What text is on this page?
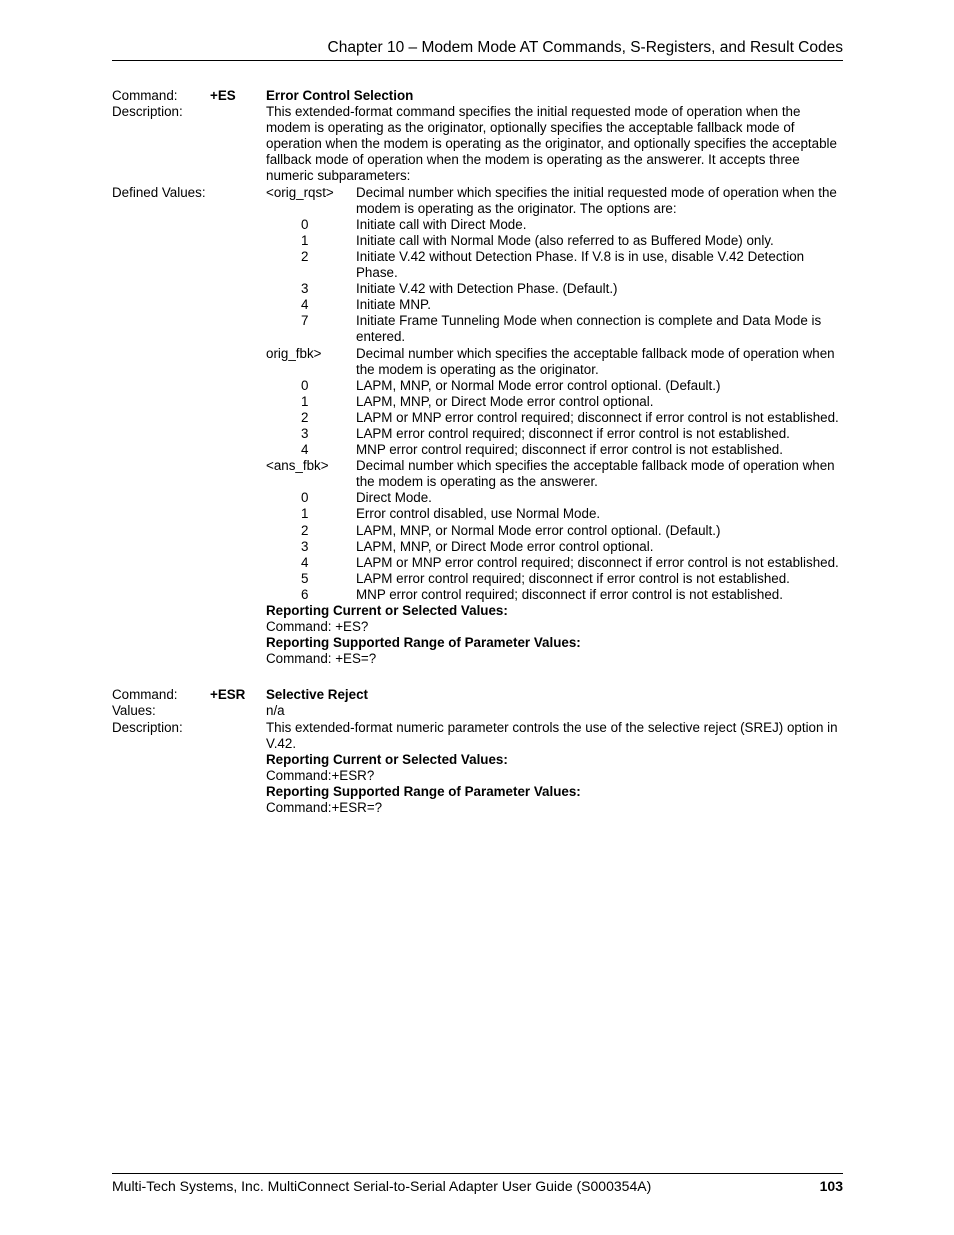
Chapter 10 – Modem Mode AT Commands, S-Registers, and Result Codes
Command:	+ES	Error Control Selection
Description:	This extended-format command specifies the initial requested mode of operation when the modem is operating as the originator, optionally specifies the acceptable fallback mode of operation when the modem is operating as the originator, and optionally specifies the acceptable fallback mode of operation when the modem is operating as the answerer. It accepts three numeric subparameters:
Defined Values:	<orig_rqst>	Decimal number which specifies the initial requested mode of operation when the modem is operating as the originator. The options are:
0	Initiate call with Direct Mode.
1	Initiate call with Normal Mode (also referred to as Buffered Mode) only.
2	Initiate V.42 without Detection Phase. If V.8 is in use, disable V.42 Detection Phase.
3	Initiate V.42 with Detection Phase. (Default.)
4	Initiate MNP.
7	Initiate Frame Tunneling Mode when connection is complete and Data Mode is entered.
orig_fbk>	Decimal number which specifies the acceptable fallback mode of operation when the modem is operating as the originator.
0	LAPM, MNP, or Normal Mode error control optional. (Default.)
1	LAPM, MNP, or Direct Mode error control optional.
2	LAPM or MNP error control required; disconnect if error control is not established.
3	LAPM error control required; disconnect if error control is not established.
4	MNP error control required; disconnect if error control is not established.
<ans_fbk>	Decimal number which specifies the acceptable fallback mode of operation when the modem is operating as the answerer.
0	Direct Mode.
1	Error control disabled, use Normal Mode.
2	LAPM, MNP, or Normal Mode error control optional. (Default.)
3	LAPM, MNP, or Direct Mode error control optional.
4	LAPM or MNP error control required; disconnect if error control is not established.
5	LAPM error control required; disconnect if error control is not established.
6	MNP error control required; disconnect if error control is not established.
Reporting Current or Selected Values:
Command: +ES?
Reporting Supported Range of Parameter Values:
Command: +ES=?
Command:	+ESR	Selective Reject
Values:	n/a
Description:	This extended-format numeric parameter controls the use of the selective reject (SREJ) option in V.42.
Reporting Current or Selected Values:
Command:+ESR?
Reporting Supported Range of Parameter Values:
Command:+ESR=?
Multi-Tech Systems, Inc. MultiConnect Serial-to-Serial Adapter User Guide (S000354A)	103
